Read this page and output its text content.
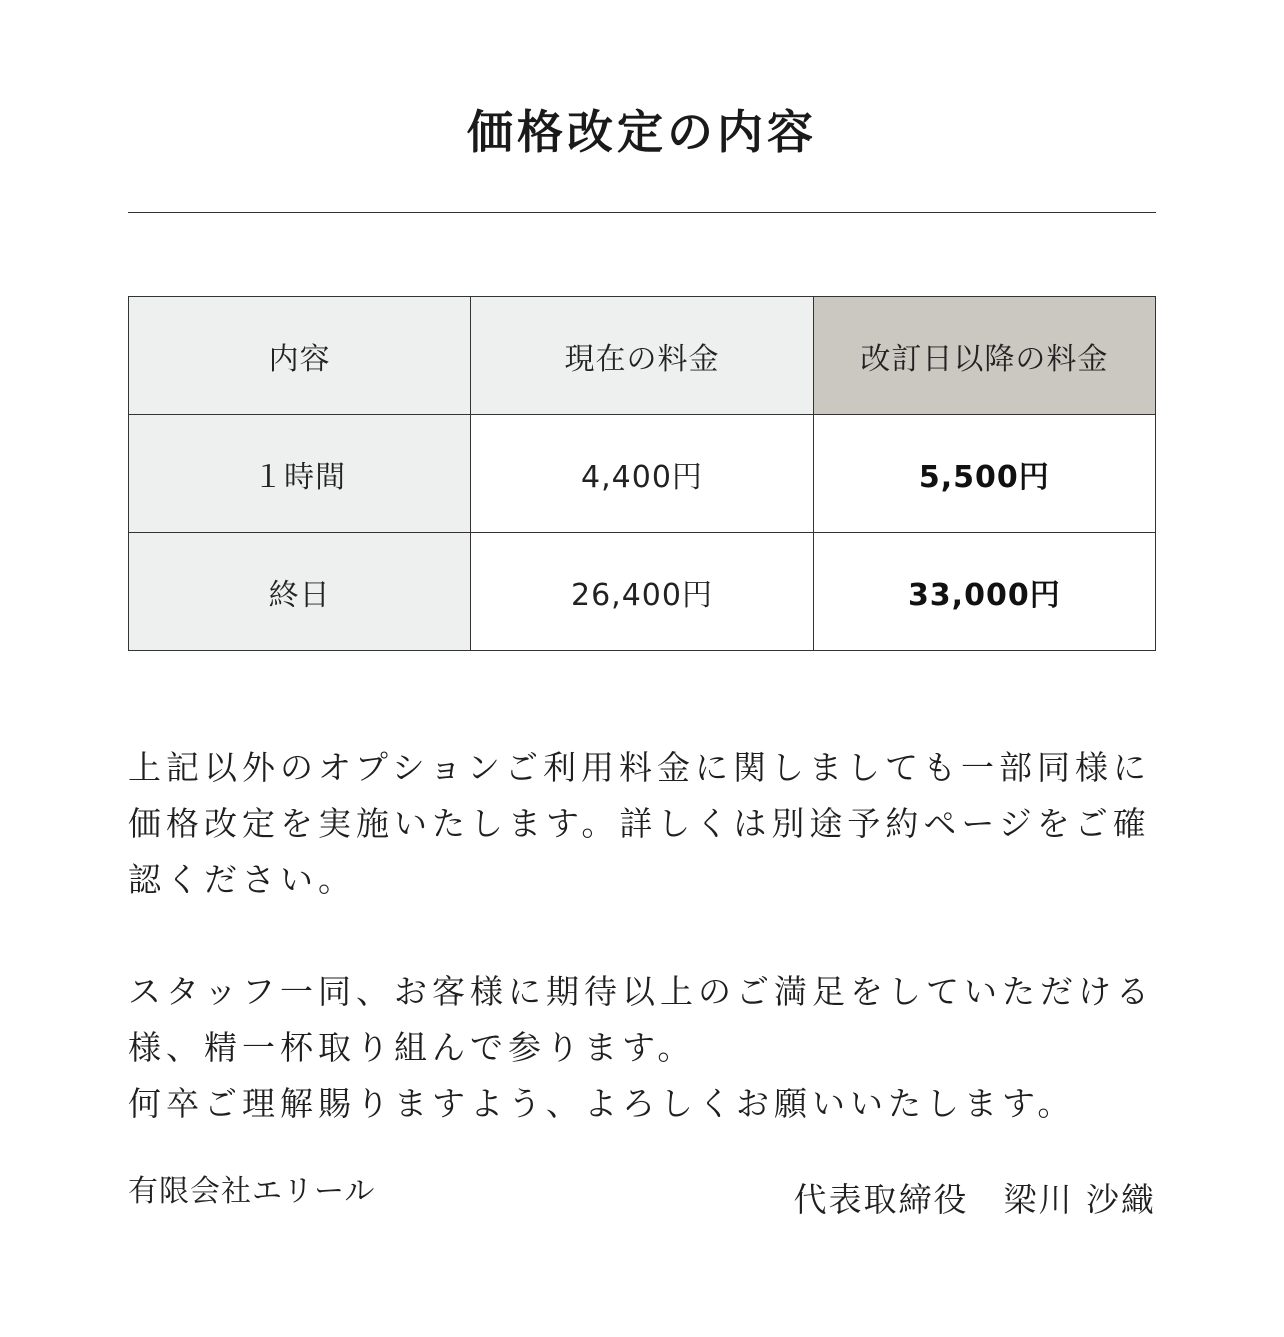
価格改定の内容
内容	現在の料金	改訂日以降の料金
１時間	4,400円	5,500円
終日	26,400円	33,000円

上記以外のオプションご利用料金に関しましても一部同様に価格改定を実施いたします。詳しくは別途予約ページをご確認ください。

スタッフ一同、お客様に期待以上のご満足をしていただける様、精一杯取り組んで参ります。

何卒ご理解賜りますよう、よろしくお願いいたします。

有限会社エリール	代表取締役　梁川 沙織
